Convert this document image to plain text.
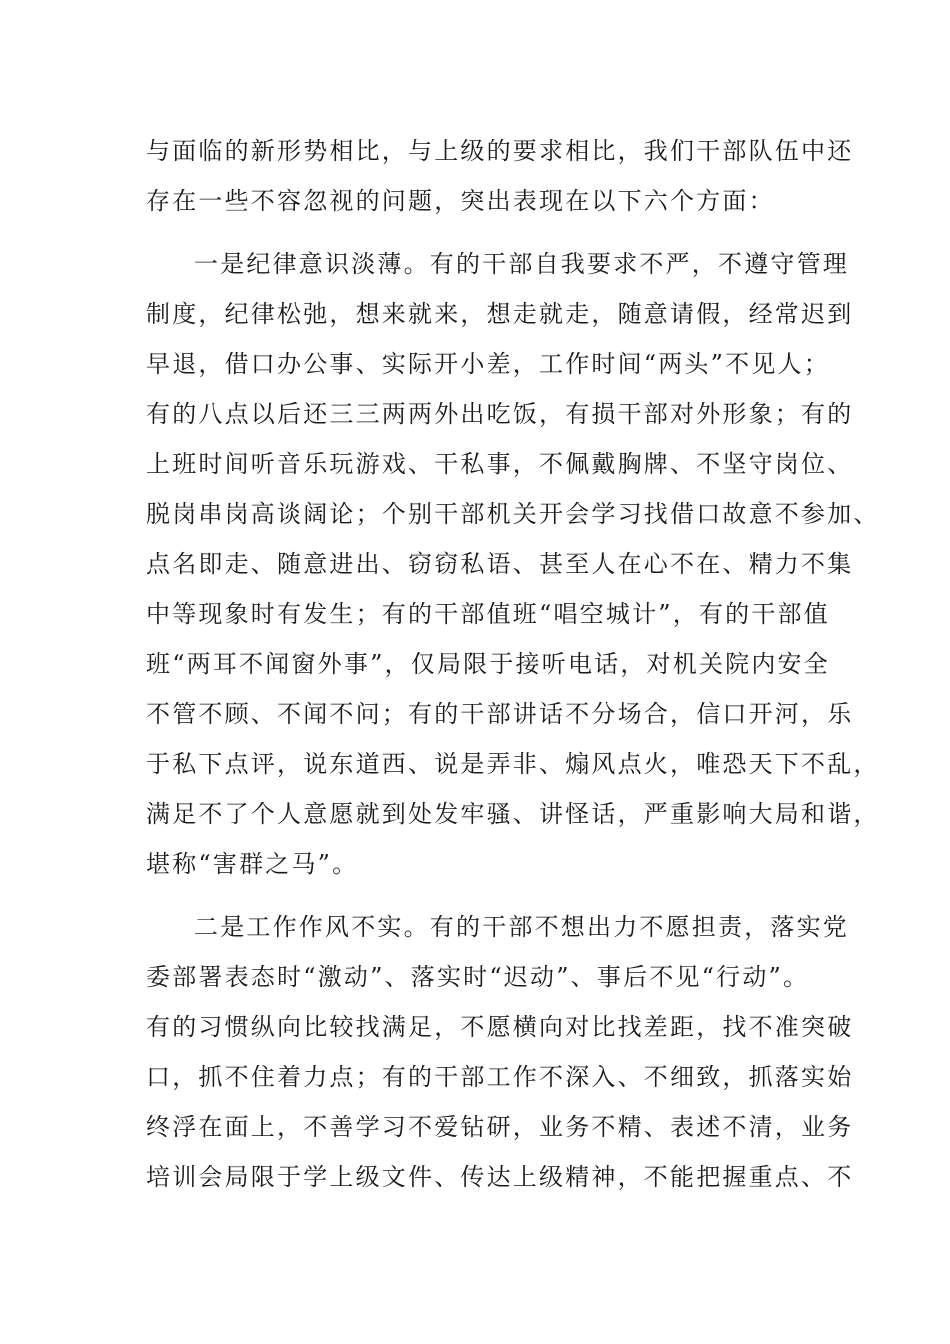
与面临的新形势相比，与上级的要求相比，我们干部队伍中还
存在一些不容忽视的问题，突出表现在以下六个方面：
一是纪律意识淡薄。有的干部自我要求不严，不遵守管理
制度，纪律松弛，想来就来，想走就走，随意请假，经常迟到
早退，借口办公事、实际开小差，工作时间“两头”不见人；
有的八点以后还三三两两外出吃饭，有损干部对外形象；有的
上班时间听音乐玩游戏、干私事，不佩戴胸牌、不坚守岗位、
脱岗串岗高谈阔论；个别干部机关开会学习找借口故意不参加、
点名即走、随意进出、窃窃私语、甚至人在心不在、精力不集
中等现象时有发生；有的干部值班“唱空城计”，有的干部值
班“两耳不闻窗外事”，仅局限于接听电话，对机关院内安全
不管不顾、不闻不问；有的干部讲话不分场合，信口开河，乐
于私下点评，说东道西、说是弄非、煽风点火，唯恐天下不乱，
满足不了个人意愿就到处发牢骚、讲怪话，严重影响大局和谐，
堪称“害群之马”。
二是工作作风不实。有的干部不想出力不愿担责，落实党
委部署表态时“激动”、落实时“迟动”、事后不见“行动”。
有的习惯纵向比较找满足，不愿横向对比找差距，找不准突破
口，抓不住着力点；有的干部工作不深入、不细致，抓落实始
终浮在面上，不善学习不爱钻研，业务不精、表述不清，业务
培训会局限于学上级文件、传达上级精神，不能把握重点、不
